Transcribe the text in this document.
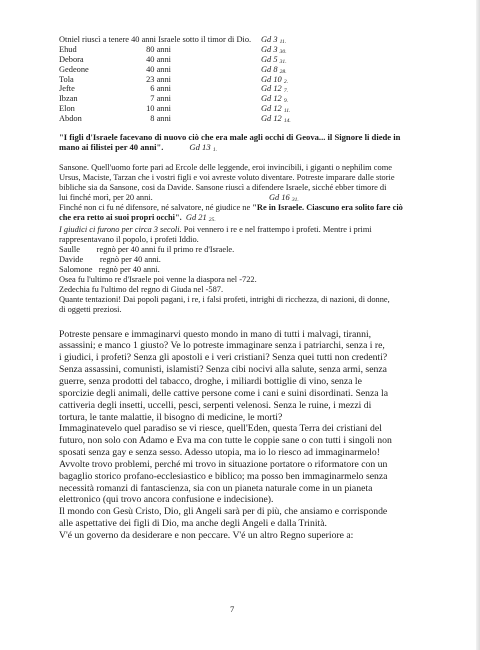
Otniel riuscì a tenere 40 anni Israele sotto il timor di Dio. Gd 3 $_{11.}$
Ehud	80 anni	Gd 3 $_{30.}$
Debora	40 anni	Gd 5 $_{31.}$
Gedeone	40 anni	Gd 8 $_{28.}$
Tola	23 anni	Gd 10 $_{2.}$
Jefte	6 anni	Gd 12 $_{7.}$
Ibzan	7 anni	Gd 12 $_{9.}$
Elon	10 anni	Gd 12 $_{11.}$
Abdon	8 anni	Gd 12 $_{14.}$
"I figli d'Israele facevano di nuovo ciò che era male agli occhi di Geova... il Signore li diede in
mano ai filistei per 40 anni".	Gd 13 $_{1.}$

Sansone. Quell'uomo forte pari ad Ercole delle leggende, eroi invincibili, i giganti o nephilim come

Ursus, Maciste, Tarzan che i vostri figli e voi avreste voluto diventare. Potreste imparare dalle storie

bibliche sia da Sansone, cosi da Davide. Sansone riuscì a difendere Israele, sicché ebber timore di

lui finché morì, per 20 anni.	Gd 16 $_{31.}$

Finché non ci fu né difensore, né salvatore, né giudice ne "Re in Israele. Ciascuno era solito fare ciò

che era retto ai suoi propri occhi". Gd 21 $_{25.}$

I giudici ci furono per circa 3 secoli. Poi vennero i re e nel frattempo i profeti. Mentre i primi

rappresentavano il popolo, i profeti Iddio.

Saulle        regnò per 40 anni fu il primo re d'Israele.

Davide        regnò per 40 anni.

Salomone   regnò per 40 anni.

Osea fu l'ultimo re d'Israele poi venne la diaspora nel -722.

Zedechia fu l'ultimo del regno di Giuda nel -587.

Quante tentazioni! Dai popoli pagani, i re, i falsi profeti, intrighi di ricchezza, di nazioni, di donne,

di oggetti preziosi.

Potreste pensare e immaginarvi questo mondo in mano di tutti i malvagi, tiranni,

assassini; e manco 1 giusto? Ve lo potreste immaginare senza i patriarchi, senza i re,

i giudici, i profeti? Senza gli apostoli e i veri cristiani? Senza quei tutti non credenti?

Senza assassini, comunisti, islamisti? Senza cibi nocivi alla salute, senza armi, senza

guerre, senza prodotti del tabacco, droghe, i miliardi bottiglie di vino, senza le

sporcizie degli animali, delle cattive persone come i cani e suini disordinati. Senza la

cattiveria degli insetti, uccelli, pesci, serpenti velenosi. Senza le ruine, i mezzi di

tortura, le tante malattie, il bisogno di medicine, le morti?

Immaginatevelo quel paradiso se vi riesce, quell'Eden, questa Terra dei cristiani del

futuro, non solo con Adamo e Eva ma con tutte le coppie sane o con tutti i singoli non

sposati senza gay e senza sesso. Adesso utopia, ma io lo riesco ad immaginarmelo!

Avvolte trovo problemi, perché mi trovo in situazione portatore o riformatore con un

bagaglio storico profano-ecclesiastico e biblico; ma posso ben immaginarmelo senza

necessità romanzi di fantascienza, sia con un pianeta naturale come in un pianeta

elettronico (qui trovo ancora confusione e indecisione).

Il mondo con Gesù Cristo, Dio, gli Angeli sarà per di più, che ansiamo e corrisponde

alle aspettative dei figli di Dio, ma anche degli Angeli e dalla Trinità.

V'é un governo da desiderare e non peccare. V'é un altro Regno superiore a:

7
